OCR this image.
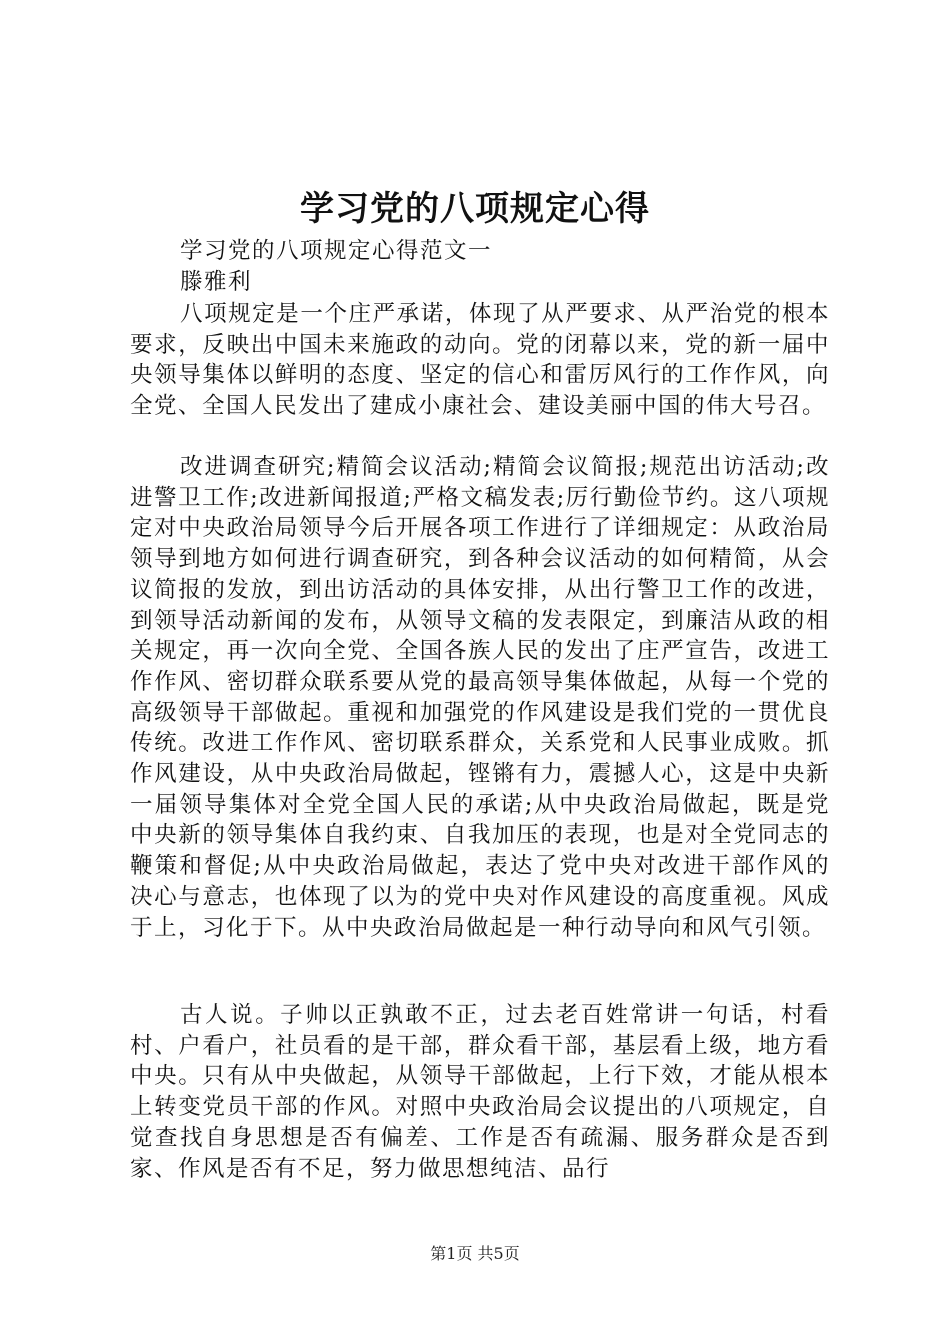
学习党的八项规定心得
学习党的八项规定心得范文一
滕雅利

八项规定是一个庄严承诺，体现了从严要求、从严治党的根本要求，反映出中国未来施政的动向。党的闭幕以来，党的新一届中央领导集体以鲜明的态度、坚定的信心和雷厉风行的工作作风，向全党、全国人民发出了建成小康社会、建设美丽中国的伟大号召。

改进调查研究;精简会议活动;精简会议简报;规范出访活动;改进警卫工作;改进新闻报道;严格文稿发表;厉行勤俭节约。这八项规定对中央政治局领导今后开展各项工作进行了详细规定：从政治局领导到地方如何进行调查研究，到各种会议活动的如何精简，从会议简报的发放，到出访活动的具体安排，从出行警卫工作的改进，到领导活动新闻的发布，从领导文稿的发表限定，到廉洁从政的相关规定，再一次向全党、全国各族人民的发出了庄严宣告，改进工作作风、密切群众联系要从党的最高领导集体做起，从每一个党的高级领导干部做起。重视和加强党的作风建设是我们党的一贯优良传统。改进工作作风、密切联系群众，关系党和人民事业成败。抓作风建设，从中央政治局做起，铿锵有力，震撼人心，这是中央新一届领导集体对全党全国人民的承诺;从中央政治局做起，既是党中央新的领导集体自我约束、自我加压的表现，也是对全党同志的鞭策和督促;从中央政治局做起，表达了党中央对改进干部作风的决心与意志，也体现了以为的党中央对作风建设的高度重视。风成于上，习化于下。从中央政治局做起是一种行动导向和风气引领。

古人说。子帅以正孰敢不正，过去老百姓常讲一句话，村看村、户看户，社员看的是干部，群众看干部，基层看上级，地方看中央。只有从中央做起，从领导干部做起，上行下效，才能从根本上转变党员干部的作风。对照中央政治局会议提出的八项规定，自觉查找自身思想是否有偏差、工作是否有疏漏、服务群众是否到家、作风是否有不足，努力做思想纯洁、品行

第1页 共5页
